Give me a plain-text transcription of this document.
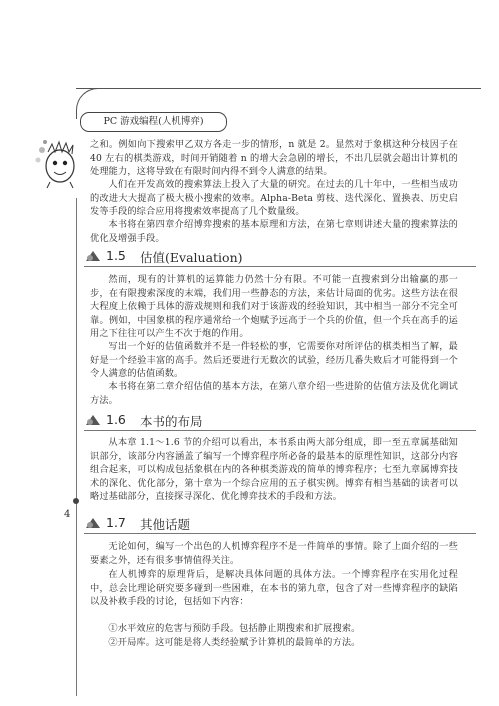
PC 游戏编程(人机博弈)
4

之和。例如向下搜索甲乙双方各走一步的情形，n 就是 2。显然对于象棋这种分枝因子在 40 左右的棋类游戏，时间开销随着 n 的增大会急剧的增长，不出几层就会超出计算机的处理能力，这将导致在有限时间内得不到令人满意的结果。

人们在开发高效的搜索算法上投入了大量的研究。在过去的几十年中，一些相当成功的改进大大提高了极大极小搜索的效率。Alpha-Beta 剪枝、迭代深化、置换表、历史启发等手段的综合应用将搜索效率提高了几个数量级。

本书将在第四章介绍博弈搜索的基本原理和方法，在第七章则讲述大量的搜索算法的优化及增强手段。

1.5 估值(Evaluation)

然而，现有的计算机的运算能力仍然十分有限。不可能一直搜索到分出输赢的那一步，在有限搜索深度的末端，我们用一些静态的方法，来估计局面的优劣。这些方法在很大程度上依赖于具体的游戏规则和我们对于该游戏的经验知识，其中相当一部分不完全可靠。例如，中国象棋的程序通常给一个炮赋予远高于一个兵的价值，但一个兵在高手的运用之下往往可以产生不次于炮的作用。

写出一个好的估值函数并不是一件轻松的事，它需要你对所评估的棋类相当了解，最好是一个经验丰富的高手。然后还要进行无数次的试验，经历几番失败后才可能得到一个令人满意的估值函数。

本书将在第二章介绍估值的基本方法，在第八章介绍一些进阶的估值方法及优化调试方法。

1.6 本书的布局

从本章 1.1～1.6 节的介绍可以看出，本书系由两大部分组成，即一至五章属基础知识部分，该部分内容涵盖了编写一个博弈程序所必备的最基本的原理性知识，这部分内容组合起来，可以构成包括象棋在内的各种棋类游戏的简单的博弈程序；七至九章属博弈技术的深化、优化部分，第十章为一个综合应用的五子棋实例。博弈有相当基础的读者可以略过基础部分，直接探寻深化、优化博弈技术的手段和方法。

1.7 其他话题

无论如何，编写一个出色的人机博弈程序不是一件简单的事情。除了上面介绍的一些要素之外，还有很多事情值得关注。

在人机博弈的原理背后，是解决具体问题的具体方法。一个博弈程序在实用化过程中，总会比理论研究要多碰到一些困难，在本书的第九章，包含了对一些博弈程序的缺陷以及补救手段的讨论，包括如下内容：

①水平效应的危害与预防手段。包括静止期搜索和扩展搜索。

②开局库。这可能是将人类经验赋予计算机的最简单的方法。
